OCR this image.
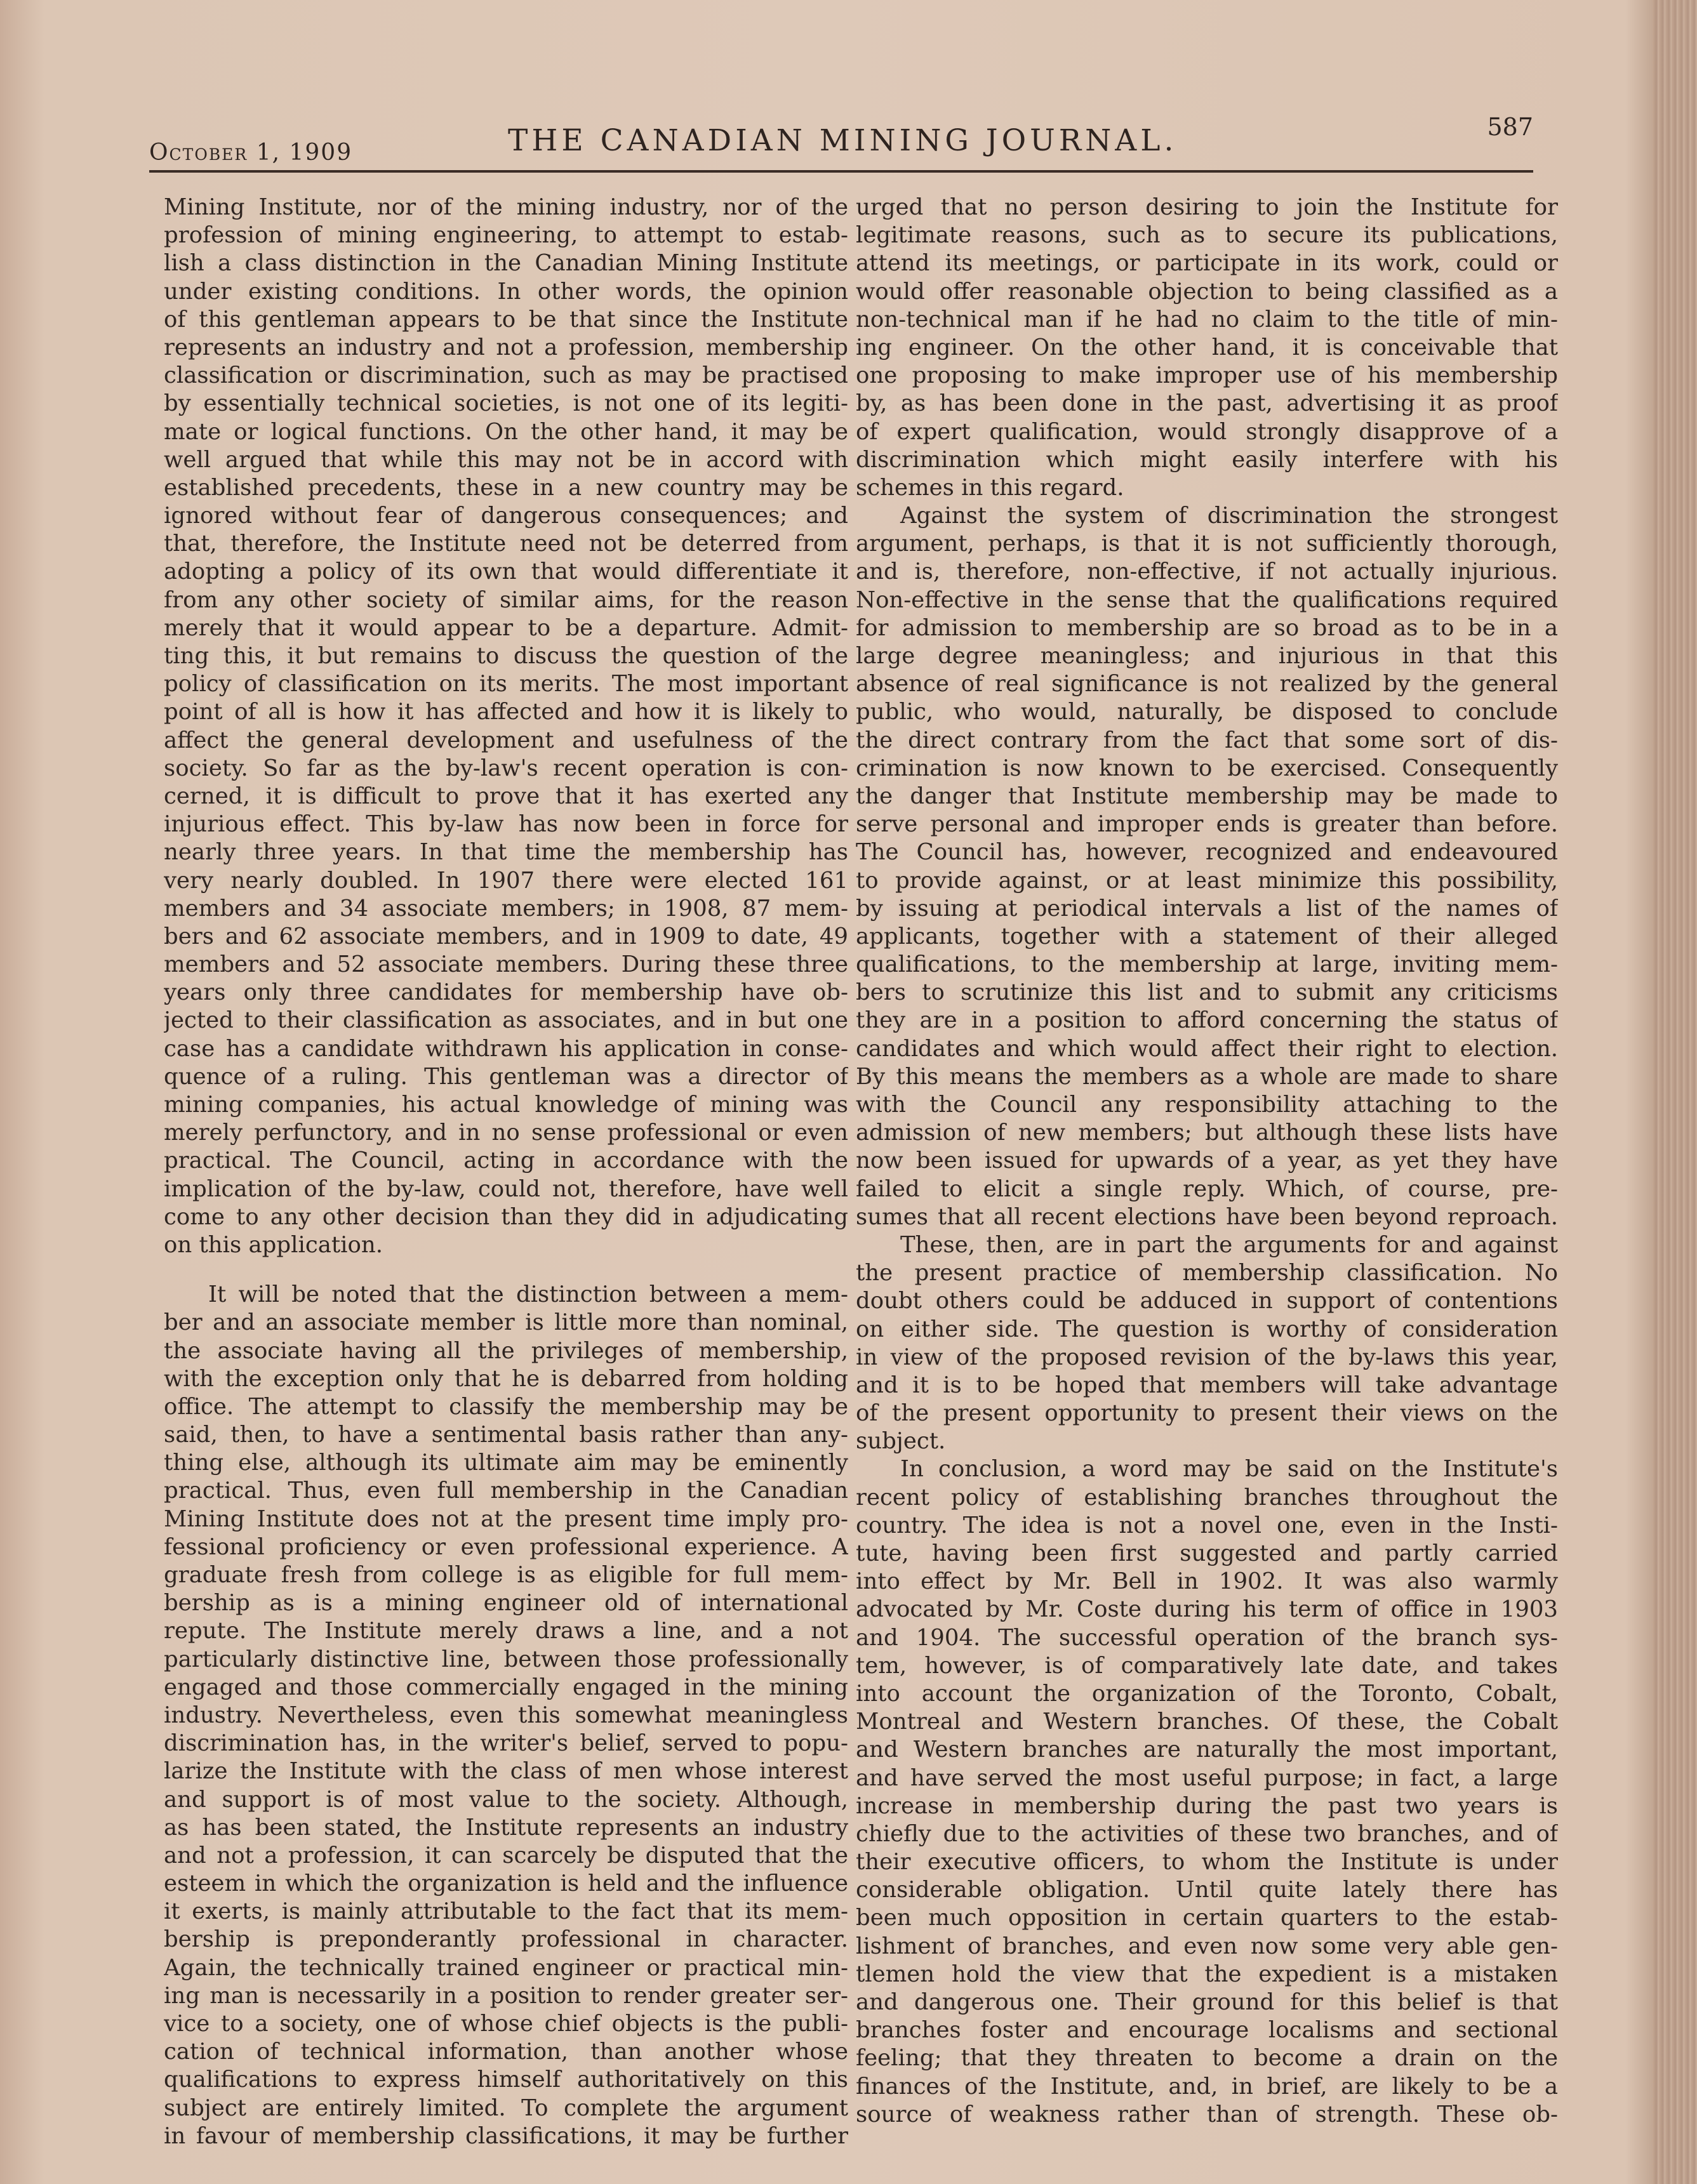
October 1, 1909	THE CANADIAN MINING JOURNAL.	587
Mining Institute, nor of the mining industry, nor of the
profession of mining engineering, to attempt to estab-
lish a class distinction in the Canadian Mining Institute
under existing conditions. In other words, the opinion
of this gentleman appears to be that since the Institute
represents an industry and not a profession, membership
classification or discrimination, such as may be practised
by essentially technical societies, is not one of its legiti-
mate or logical functions. On the other hand, it may be
well argued that while this may not be in accord with
established precedents, these in a new country may be
ignored without fear of dangerous consequences; and
that, therefore, the Institute need not be deterred from
adopting a policy of its own that would differentiate it
from any other society of similar aims, for the reason
merely that it would appear to be a departure. Admit-
ting this, it but remains to discuss the question of the
policy of classification on its merits. The most important
point of all is how it has affected and how it is likely to
affect the general development and usefulness of the
society. So far as the by-law's recent operation is con-
cerned, it is difficult to prove that it has exerted any
injurious effect. This by-law has now been in force for
nearly three years. In that time the membership has
very nearly doubled. In 1907 there were elected 161
members and 34 associate members; in 1908, 87 mem-
bers and 62 associate members, and in 1909 to date, 49
members and 52 associate members. During these three
years only three candidates for membership have ob-
jected to their classification as associates, and in but one
case has a candidate withdrawn his application in conse-
quence of a ruling. This gentleman was a director of
mining companies, his actual knowledge of mining was
merely perfunctory, and in no sense professional or even
practical. The Council, acting in accordance with the
implication of the by-law, could not, therefore, have well
come to any other decision than they did in adjudicating
on this application.
It will be noted that the distinction between a mem-
ber and an associate member is little more than nominal,
the associate having all the privileges of membership,
with the exception only that he is debarred from holding
office. The attempt to classify the membership may be
said, then, to have a sentimental basis rather than any-
thing else, although its ultimate aim may be eminently
practical. Thus, even full membership in the Canadian
Mining Institute does not at the present time imply pro-
fessional proficiency or even professional experience. A
graduate fresh from college is as eligible for full mem-
bership as is a mining engineer old of international
repute. The Institute merely draws a line, and a not
particularly distinctive line, between those professionally
engaged and those commercially engaged in the mining
industry. Nevertheless, even this somewhat meaningless
discrimination has, in the writer's belief, served to popu-
larize the Institute with the class of men whose interest
and support is of most value to the society. Although,
as has been stated, the Institute represents an industry
and not a profession, it can scarcely be disputed that the
esteem in which the organization is held and the influence
it exerts, is mainly attributable to the fact that its mem-
bership is preponderantly professional in character.
Again, the technically trained engineer or practical min-
ing man is necessarily in a position to render greater ser-
vice to a society, one of whose chief objects is the publi-
cation of technical information, than another whose
qualifications to express himself authoritatively on this
subject are entirely limited. To complete the argument
in favour of membership classifications, it may be further
urged that no person desiring to join the Institute for
legitimate reasons, such as to secure its publications,
attend its meetings, or participate in its work, could or
would offer reasonable objection to being classified as a
non-technical man if he had no claim to the title of min-
ing engineer. On the other hand, it is conceivable that
one proposing to make improper use of his membership
by, as has been done in the past, advertising it as proof
of expert qualification, would strongly disapprove of a
discrimination which might easily interfere with his
schemes in this regard.
Against the system of discrimination the strongest
argument, perhaps, is that it is not sufficiently thorough,
and is, therefore, non-effective, if not actually injurious.
Non-effective in the sense that the qualifications required
for admission to membership are so broad as to be in a
large degree meaningless; and injurious in that this
absence of real significance is not realized by the general
public, who would, naturally, be disposed to conclude
the direct contrary from the fact that some sort of dis-
crimination is now known to be exercised. Consequently
the danger that Institute membership may be made to
serve personal and improper ends is greater than before.
The Council has, however, recognized and endeavoured
to provide against, or at least minimize this possibility,
by issuing at periodical intervals a list of the names of
applicants, together with a statement of their alleged
qualifications, to the membership at large, inviting mem-
bers to scrutinize this list and to submit any criticisms
they are in a position to afford concerning the status of
candidates and which would affect their right to election.
By this means the members as a whole are made to share
with the Council any responsibility attaching to the
admission of new members; but although these lists have
now been issued for upwards of a year, as yet they have
failed to elicit a single reply. Which, of course, pre-
sumes that all recent elections have been beyond reproach.
These, then, are in part the arguments for and against
the present practice of membership classification. No
doubt others could be adduced in support of contentions
on either side. The question is worthy of consideration
in view of the proposed revision of the by-laws this year,
and it is to be hoped that members will take advantage
of the present opportunity to present their views on the
subject.
In conclusion, a word may be said on the Institute's
recent policy of establishing branches throughout the
country. The idea is not a novel one, even in the Insti-
tute, having been first suggested and partly carried
into effect by Mr. Bell in 1902. It was also warmly
advocated by Mr. Coste during his term of office in 1903
and 1904. The successful operation of the branch sys-
tem, however, is of comparatively late date, and takes
into account the organization of the Toronto, Cobalt,
Montreal and Western branches. Of these, the Cobalt
and Western branches are naturally the most important,
and have served the most useful purpose; in fact, a large
increase in membership during the past two years is
chiefly due to the activities of these two branches, and of
their executive officers, to whom the Institute is under
considerable obligation. Until quite lately there has
been much opposition in certain quarters to the estab-
lishment of branches, and even now some very able gen-
tlemen hold the view that the expedient is a mistaken
and dangerous one. Their ground for this belief is that
branches foster and encourage localisms and sectional
feeling; that they threaten to become a drain on the
finances of the Institute, and, in brief, are likely to be a
source of weakness rather than of strength. These ob-
